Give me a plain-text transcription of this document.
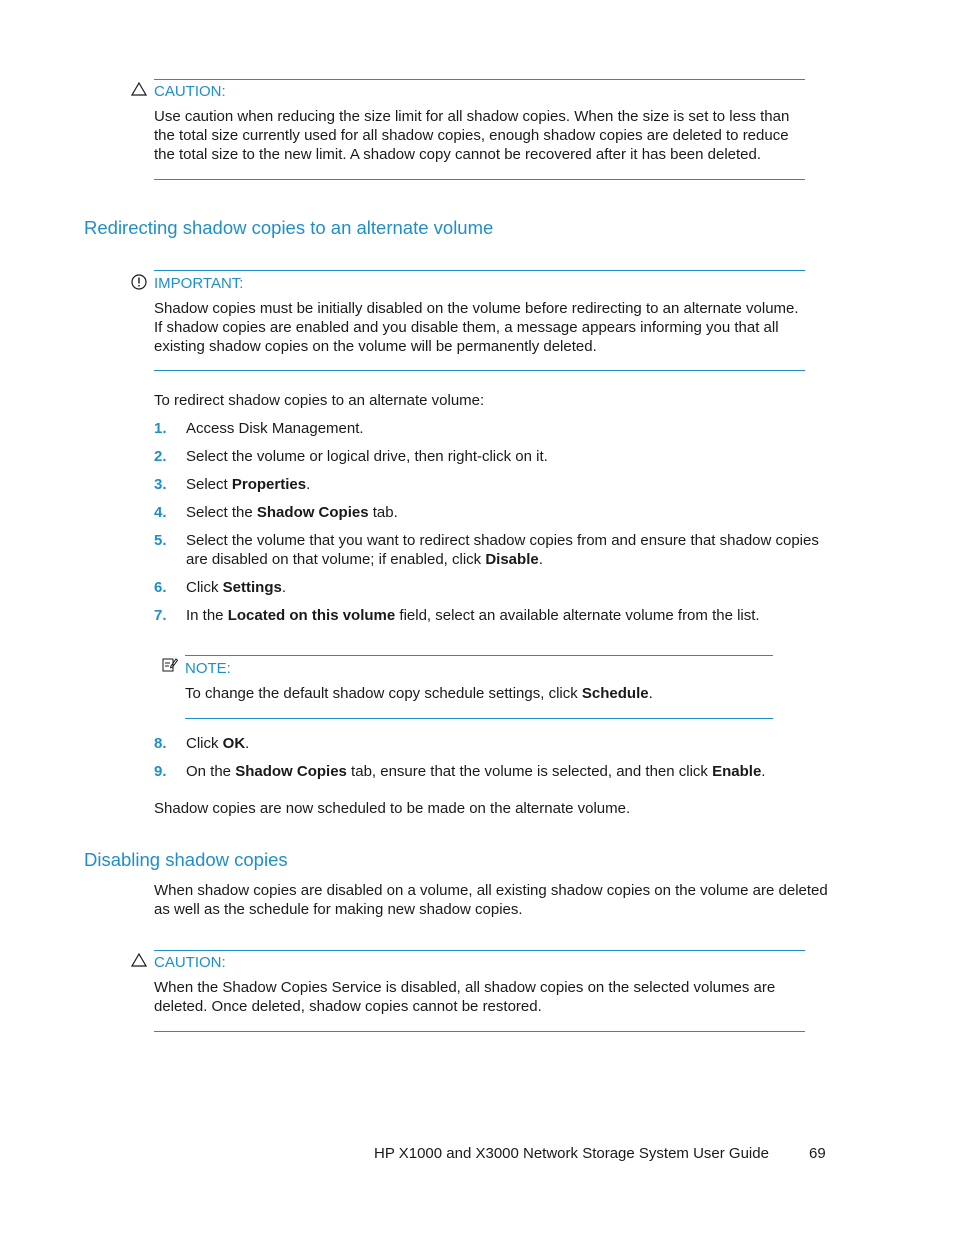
CAUTION:
Use caution when reducing the size limit for all shadow copies. When the size is set to less than the total size currently used for all shadow copies, enough shadow copies are deleted to reduce the total size to the new limit. A shadow copy cannot be recovered after it has been deleted.
Redirecting shadow copies to an alternate volume
IMPORTANT:
Shadow copies must be initially disabled on the volume before redirecting to an alternate volume. If shadow copies are enabled and you disable them, a message appears informing you that all existing shadow copies on the volume will be permanently deleted.
To redirect shadow copies to an alternate volume:
1. Access Disk Management.
2. Select the volume or logical drive, then right-click on it.
3. Select Properties.
4. Select the Shadow Copies tab.
5. Select the volume that you want to redirect shadow copies from and ensure that shadow copies are disabled on that volume; if enabled, click Disable.
6. Click Settings.
7. In the Located on this volume field, select an available alternate volume from the list.
NOTE:
To change the default shadow copy schedule settings, click Schedule.
8. Click OK.
9. On the Shadow Copies tab, ensure that the volume is selected, and then click Enable.
Shadow copies are now scheduled to be made on the alternate volume.
Disabling shadow copies
When shadow copies are disabled on a volume, all existing shadow copies on the volume are deleted as well as the schedule for making new shadow copies.
CAUTION:
When the Shadow Copies Service is disabled, all shadow copies on the selected volumes are deleted. Once deleted, shadow copies cannot be restored.
HP X1000 and X3000 Network Storage System User Guide	69
